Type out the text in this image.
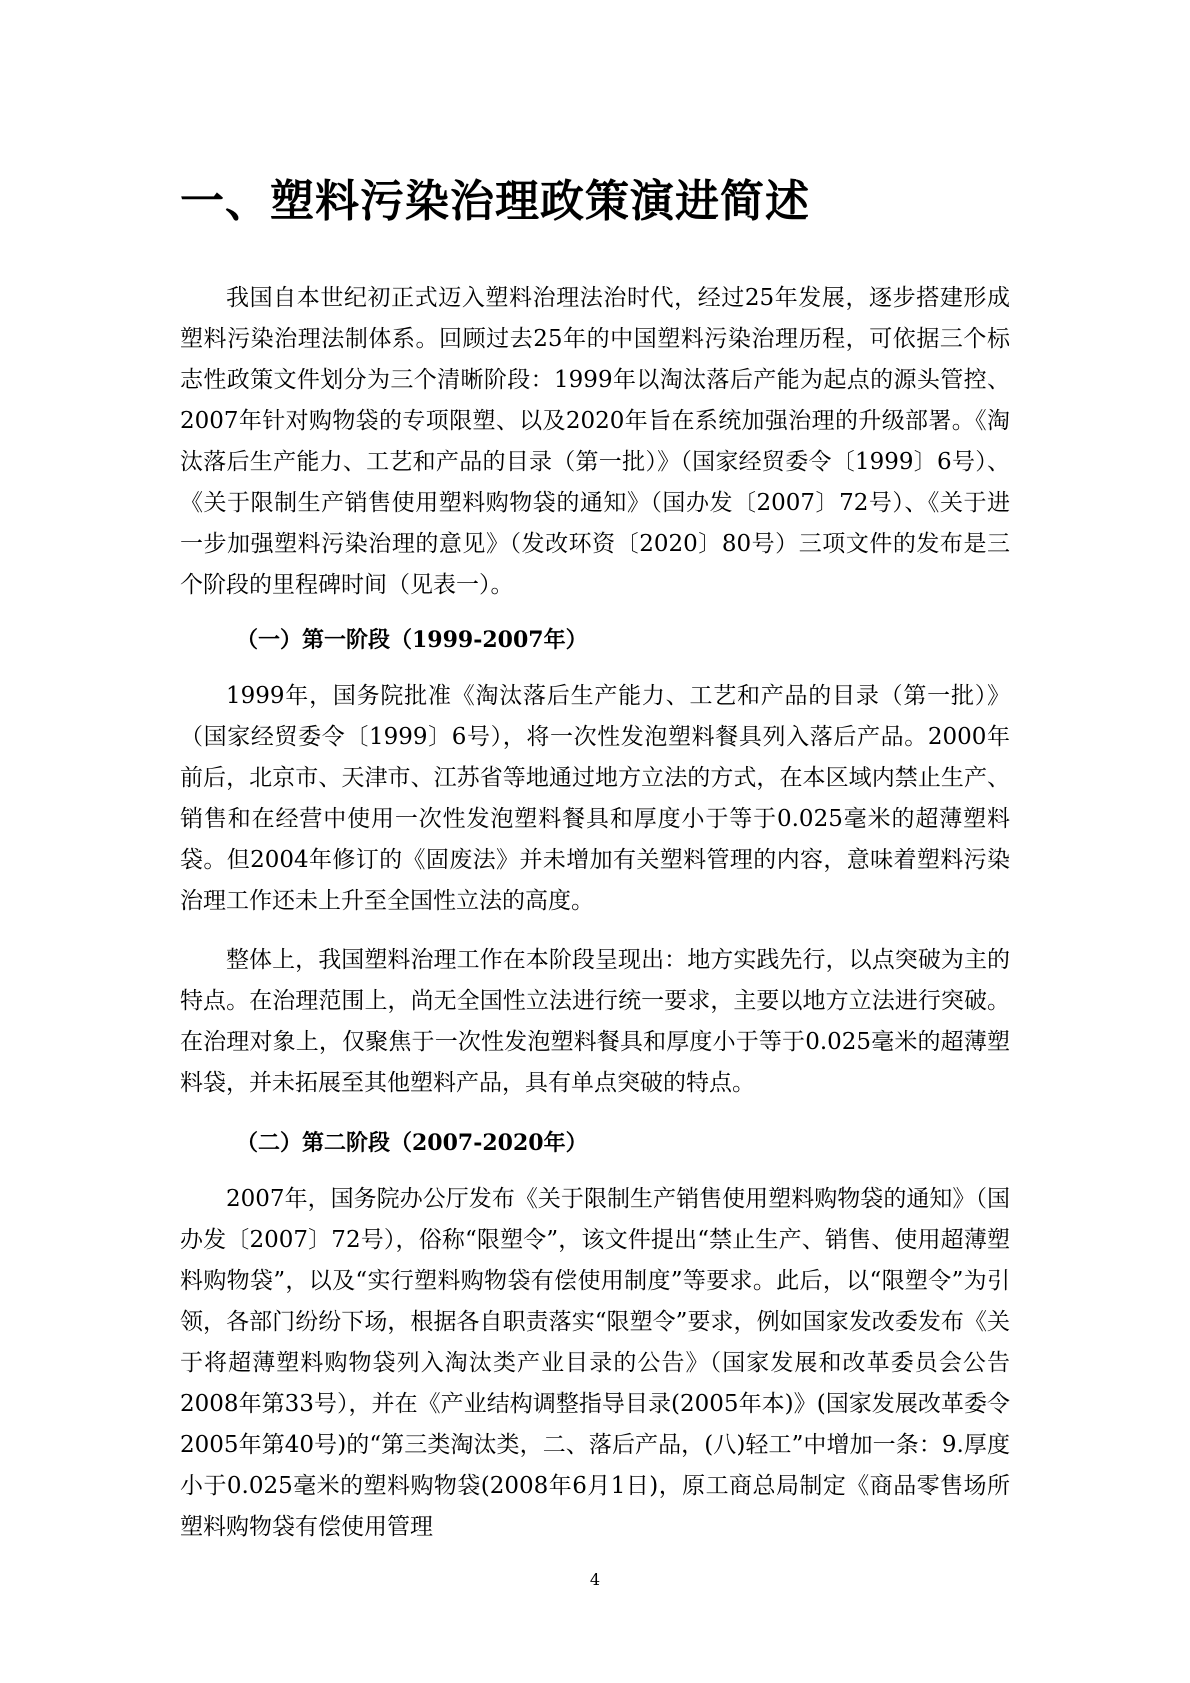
一、塑料污染治理政策演进简述

我国自本世纪初正式迈入塑料治理法治时代，经过25年发展，逐步搭建形成塑料污染治理法制体系。回顾过去25年的中国塑料污染治理历程，可依据三个标志性政策文件划分为三个清晰阶段：1999年以淘汰落后产能为起点的源头管控、2007年针对购物袋的专项限塑、以及2020年旨在系统加强治理的升级部署。《淘汰落后生产能力、工艺和产品的目录（第一批）》（国家经贸委令〔1999〕6号）、《关于限制生产销售使用塑料购物袋的通知》（国办发〔2007〕72号）、《关于进一步加强塑料污染治理的意见》（发改环资〔2020〕80号）三项文件的发布是三个阶段的里程碑时间（见表一）。

（一）第一阶段（1999-2007年）

1999年，国务院批准《淘汰落后生产能力、工艺和产品的目录（第一批）》（国家经贸委令〔1999〕6号），将一次性发泡塑料餐具列入落后产品。2000年前后，北京市、天津市、江苏省等地通过地方立法的方式，在本区域内禁止生产、销售和在经营中使用一次性发泡塑料餐具和厚度小于等于0.025毫米的超薄塑料袋。但2004年修订的《固废法》并未增加有关塑料管理的内容，意味着塑料污染治理工作还未上升至全国性立法的高度。

整体上，我国塑料治理工作在本阶段呈现出：地方实践先行，以点突破为主的特点。在治理范围上，尚无全国性立法进行统一要求，主要以地方立法进行突破。在治理对象上，仅聚焦于一次性发泡塑料餐具和厚度小于等于0.025毫米的超薄塑料袋，并未拓展至其他塑料产品，具有单点突破的特点。

（二）第二阶段（2007-2020年）

2007年，国务院办公厅发布《关于限制生产销售使用塑料购物袋的通知》（国办发〔2007〕72号），俗称“限塑令”，该文件提出“禁止生产、销售、使用超薄塑料购物袋”，以及“实行塑料购物袋有偿使用制度”等要求。此后，以“限塑令”为引领，各部门纷纷下场，根据各自职责落实“限塑令”要求，例如国家发改委发布《关于将超薄塑料购物袋列入淘汰类产业目录的公告》（国家发展和改革委员会公告2008年第33号），并在《产业结构调整指导目录(2005年本)》(国家发展改革委令2005年第40号)的“第三类淘汰类，二、落后产品，(八)轻工”中增加一条：9.厚度小于0.025毫米的塑料购物袋(2008年6月1日)，原工商总局制定《商品零售场所塑料购物袋有偿使用管理

4
